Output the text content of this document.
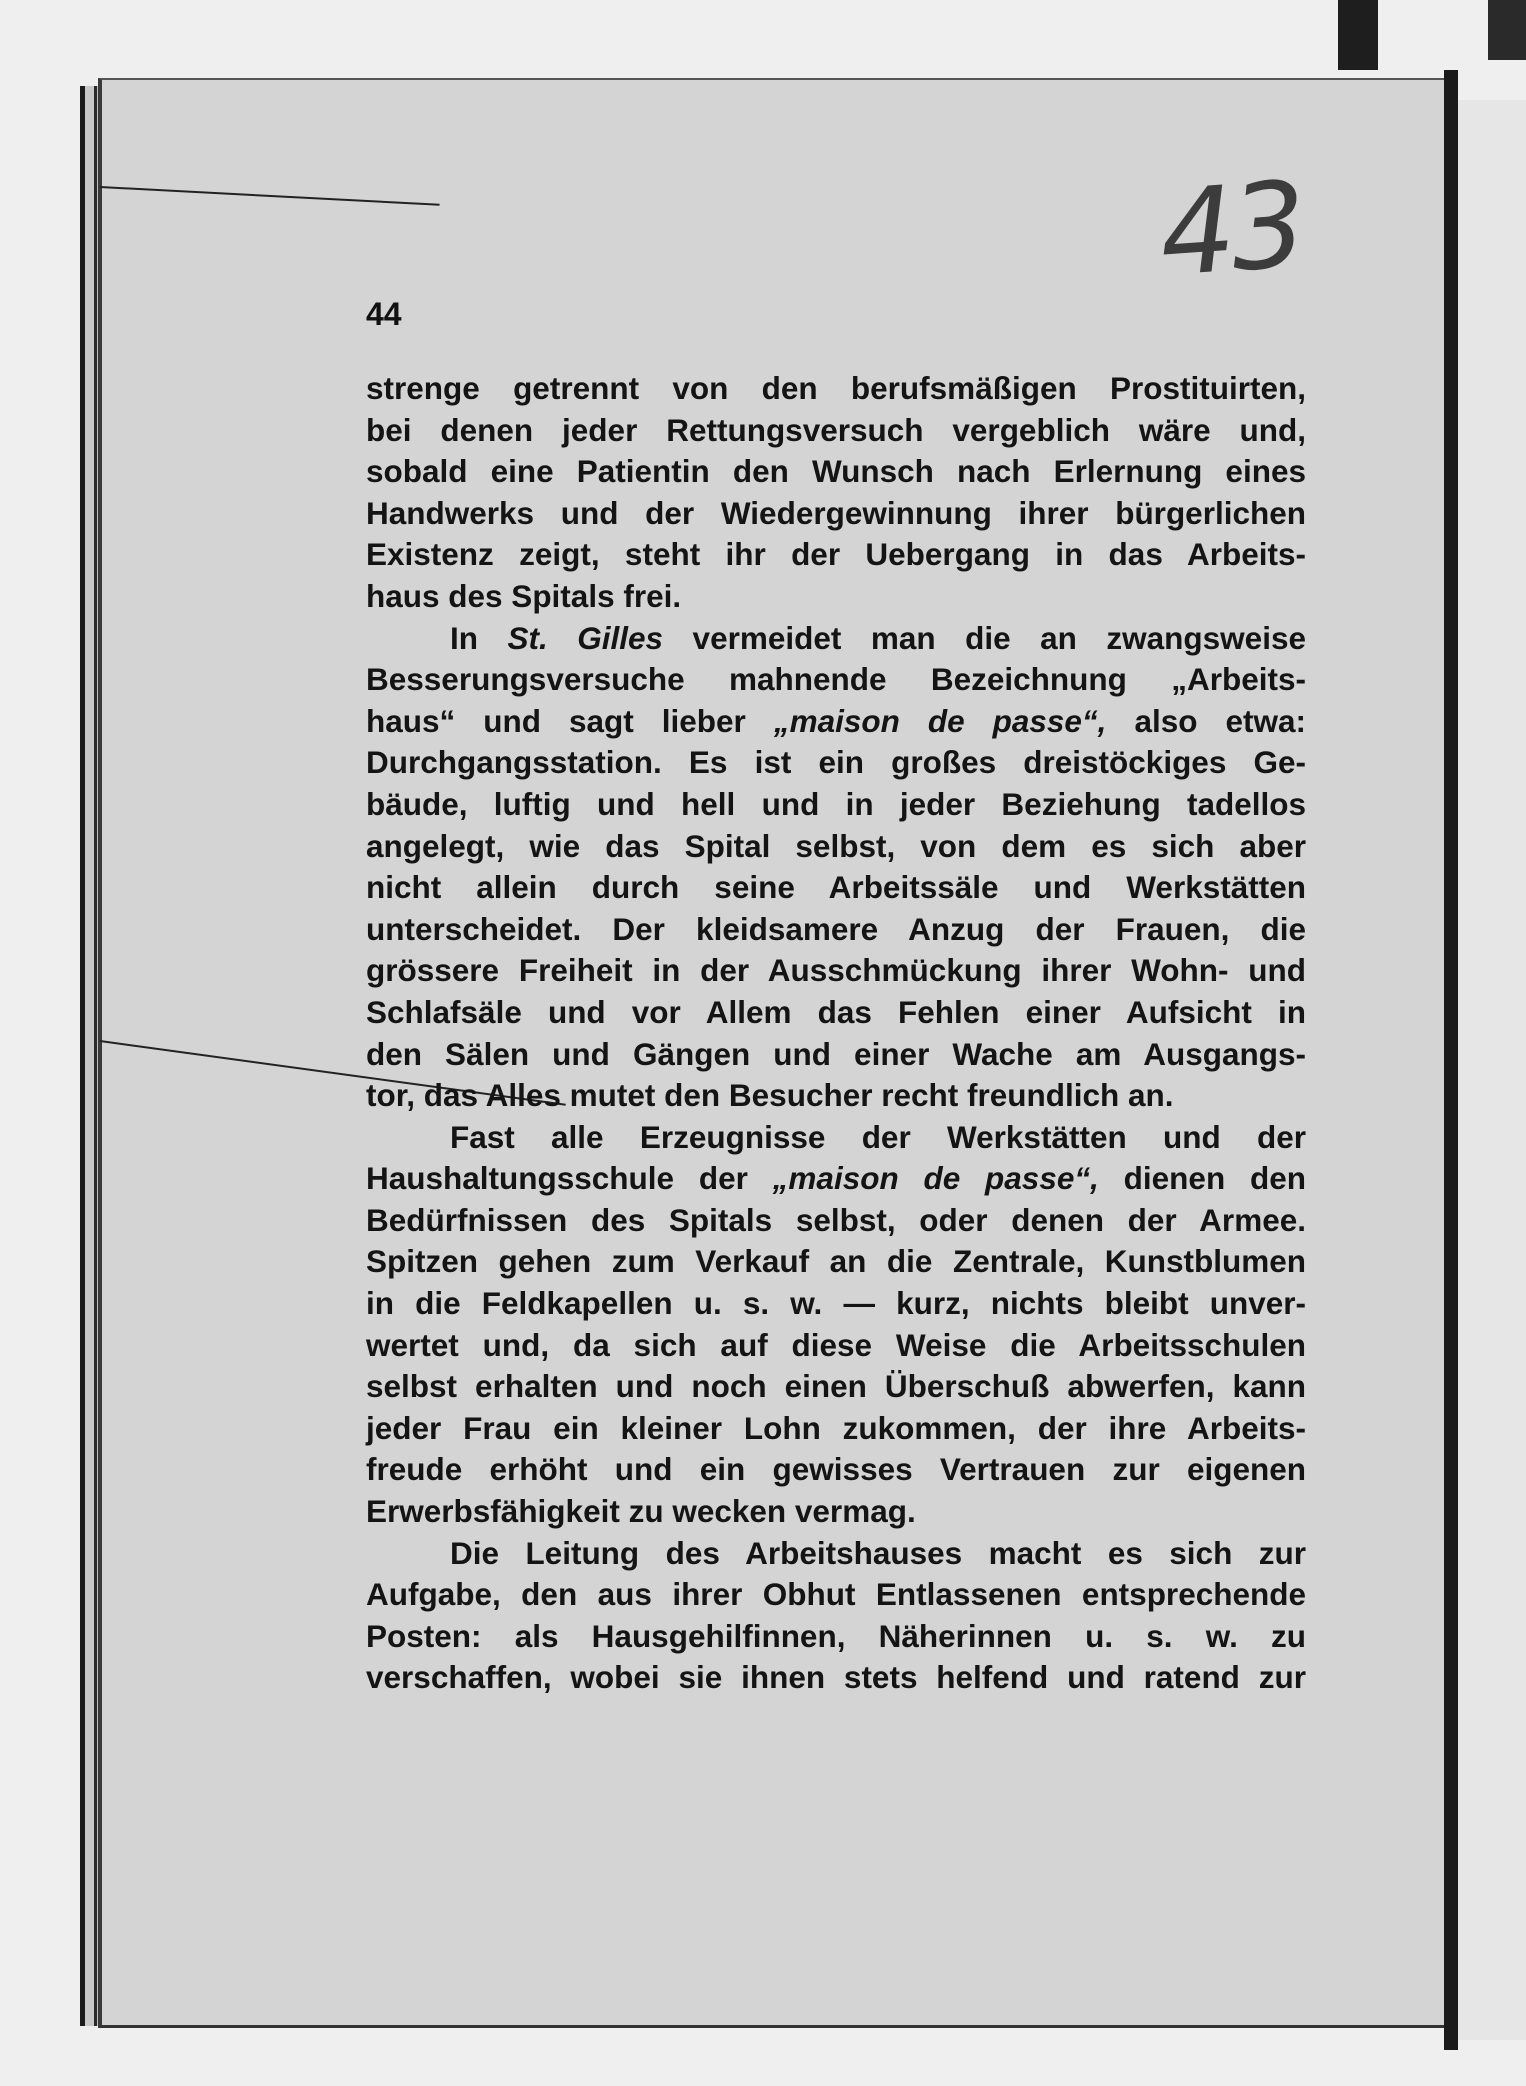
43
44
strenge getrennt von den berufsmäßigen Prostituirten,
bei denen jeder Rettungsversuch vergeblich wäre und,
sobald eine Patientin den Wunsch nach Erlernung eines
Handwerks und der Wiedergewinnung ihrer bürgerlichen
Existenz zeigt, steht ihr der Uebergang in das Arbeits-
haus des Spitals frei.
In St. Gilles vermeidet man die an zwangsweise
Besserungsversuche mahnende Bezeichnung „Arbeits-
haus“ und sagt lieber „maison de passe“, also etwa:
Durchgangsstation. Es ist ein großes dreistöckiges Ge-
bäude, luftig und hell und in jeder Beziehung tadellos
angelegt, wie das Spital selbst, von dem es sich aber
nicht allein durch seine Arbeitssäle und Werkstätten
unterscheidet. Der kleidsamere Anzug der Frauen, die
grössere Freiheit in der Ausschmückung ihrer Wohn- und
Schlafsäle und vor Allem das Fehlen einer Aufsicht in
den Sälen und Gängen und einer Wache am Ausgangs-
tor, das Alles mutet den Besucher recht freundlich an.
Fast alle Erzeugnisse der Werkstätten und der
Haushaltungsschule der „maison de passe“, dienen den
Bedürfnissen des Spitals selbst, oder denen der Armee.
Spitzen gehen zum Verkauf an die Zentrale, Kunstblumen
in die Feldkapellen u. s. w. — kurz, nichts bleibt unver-
wertet und, da sich auf diese Weise die Arbeitsschulen
selbst erhalten und noch einen Überschuß abwerfen, kann
jeder Frau ein kleiner Lohn zukommen, der ihre Arbeits-
freude erhöht und ein gewisses Vertrauen zur eigenen
Erwerbsfähigkeit zu wecken vermag.
Die Leitung des Arbeitshauses macht es sich zur
Aufgabe, den aus ihrer Obhut Entlassenen entsprechende
Posten: als Hausgehilfinnen, Näherinnen u. s. w. zu
verschaffen, wobei sie ihnen stets helfend und ratend zur
